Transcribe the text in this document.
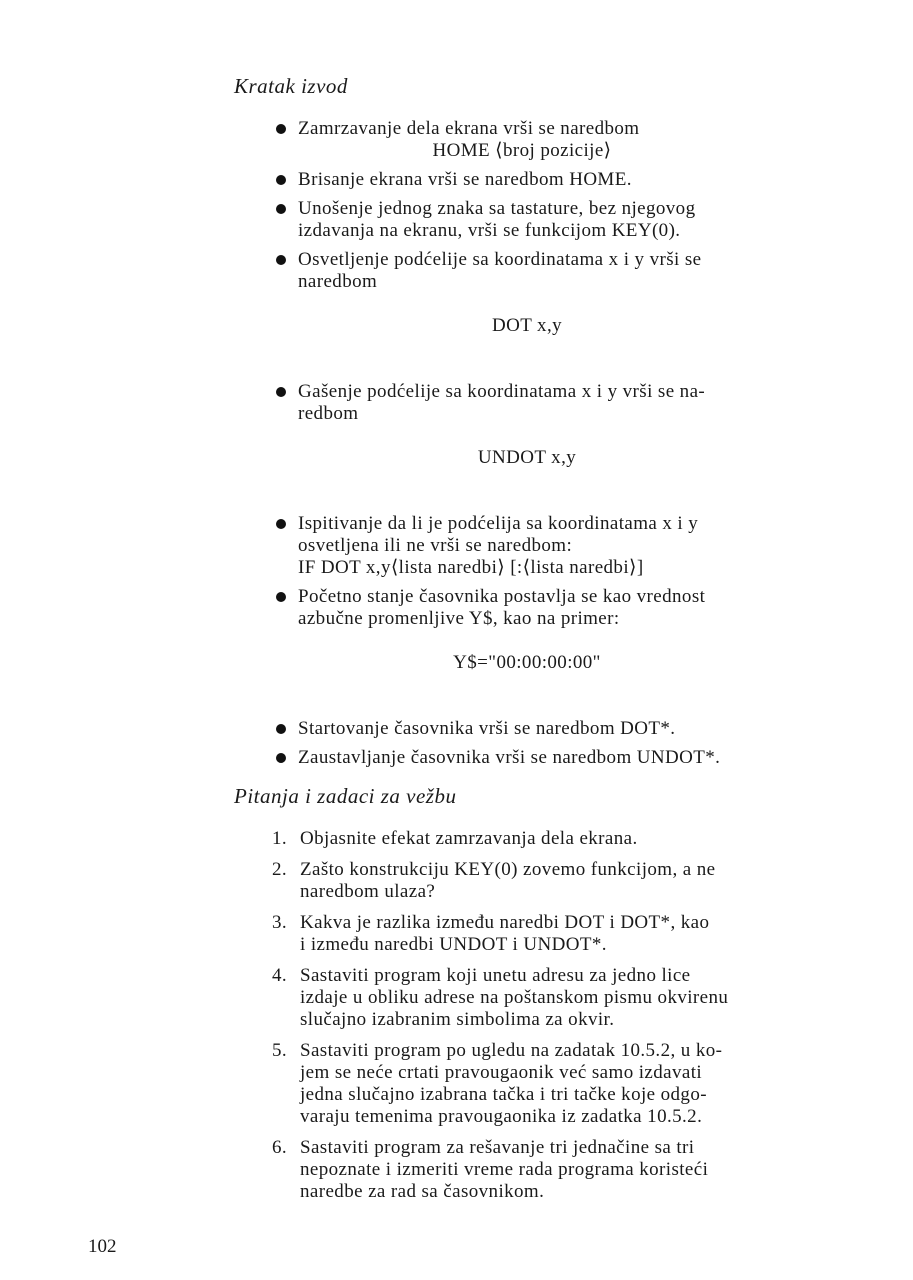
Kratak izvod
Zamrzavanje dela ekrana vrši se naredbom
HOME ⟨broj pozicije⟩
Brisanje ekrana vrši se naredbom HOME.
Unošenje jednog znaka sa tastature, bez njegovog
izdavanja na ekranu, vrši se funkcijom KEY(0).
Osvetljenje podćelije sa koordinatama x i y vrši se
naredbom
DOT x,y
Gašenje podćelije sa koordinatama x i y vrši se na-
redbom
UNDOT x,y
Ispitivanje da li je podćelija sa koordinatama x i y
osvetljena ili ne vrši se naredbom:
IF DOT x,y⟨lista naredbi⟩ [:⟨lista naredbi⟩]
Početno stanje časovnika postavlja se kao vrednost
azbučne promenljive Y$, kao na primer:
Y$="00:00:00:00"
Startovanje časovnika vrši se naredbom DOT*.
Zaustavljanje časovnika vrši se naredbom UNDOT*.
Pitanja i zadaci za vežbu
1. Objasnite efekat zamrzavanja dela ekrana.
2. Zašto konstrukciju KEY(0) zovemo funkcijom, a ne
naredbom ulaza?
3. Kakva je razlika između naredbi DOT i DOT*, kao
i između naredbi UNDOT i UNDOT*.
4. Sastaviti program koji unetu adresu za jedno lice
izdaje u obliku adrese na poštanskom pismu okvirenu
slučajno izabranim simbolima za okvir.
5. Sastaviti program po ugledu na zadatak 10.5.2, u ko-
jem se neće crtati pravougaonik već samo izdavati
jedna slučajno izabrana tačka i tri tačke koje odgo-
varaju temenima pravougaonika iz zadatka 10.5.2.
6. Sastaviti program za rešavanje tri jednačine sa tri
nepoznate i izmeriti vreme rada programa koristeći
naredbe za rad sa časovnikom.
102
